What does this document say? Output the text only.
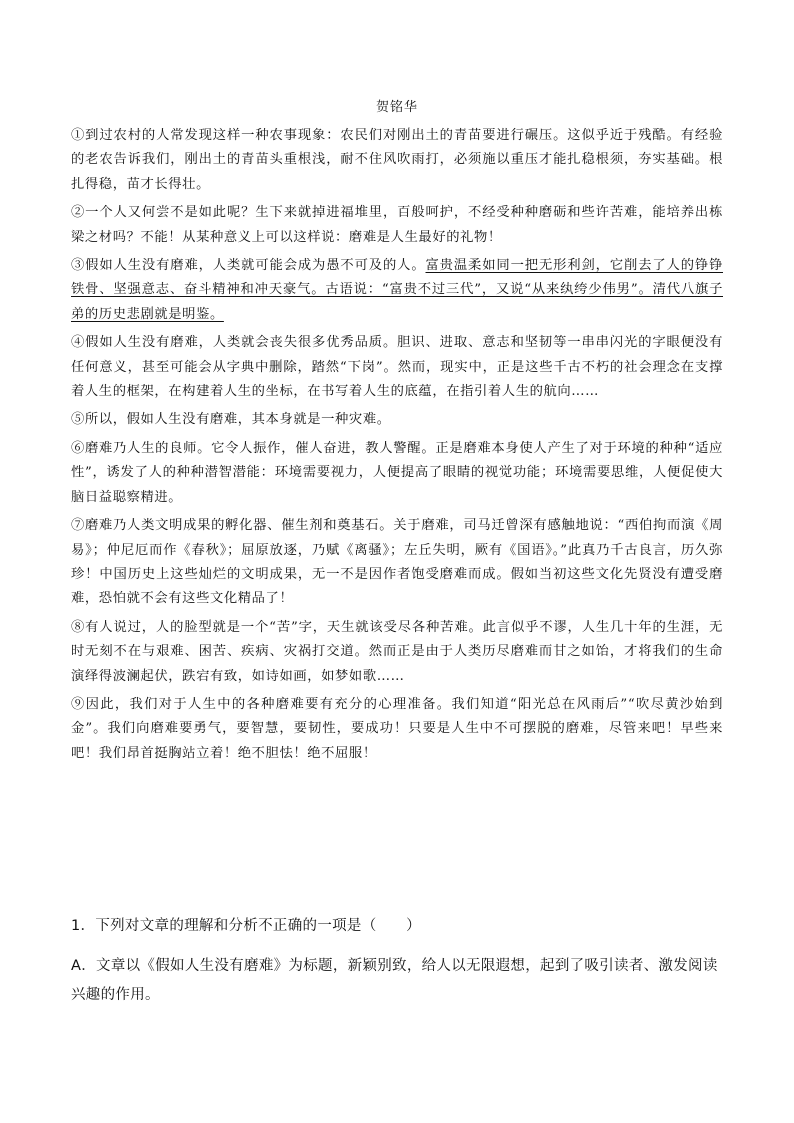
贺铭华

①到过农村的人常发现这样一种农事现象：农民们对刚出土的青苗要进行碾压。这似乎近于残酷。有经验的老农告诉我们，刚出土的青苗头重根浅，耐不住风吹雨打，必须施以重压才能扎稳根须，夯实基础。根扎得稳，苗才长得壮。

②一个人又何尝不是如此呢？生下来就掉进福堆里，百般呵护，不经受种种磨砺和些许苦难，能培养出栋梁之材吗？不能！从某种意义上可以这样说：磨难是人生最好的礼物！

③假如人生没有磨难，人类就可能会成为愚不可及的人。富贵温柔如同一把无形利剑，它削去了人的铮铮铁骨、坚强意志、奋斗精神和冲天豪气。古语说：“富贵不过三代”，又说“从来纨绔少伟男”。清代八旗子弟的历史悲剧就是明鉴。

④假如人生没有磨难，人类就会丧失很多优秀品质。胆识、进取、意志和坚韧等一串串闪光的字眼便没有任何意义，甚至可能会从字典中删除，踏然“下岗”。然而，现实中，正是这些千古不朽的社会理念在支撑着人生的框架，在构建着人生的坐标，在书写着人生的底蕴，在指引着人生的航向……

⑤所以，假如人生没有磨难，其本身就是一种灾难。

⑥磨难乃人生的良师。它令人振作，催人奋进，教人警醒。正是磨难本身使人产生了对于环境的种种“适应性”，诱发了人的种种潜智潜能：环境需要视力，人便提高了眼睛的视觉功能；环境需要思维，人便促使大脑日益聪察精进。

⑦磨难乃人类文明成果的孵化器、催生剂和奠基石。关于磨难，司马迁曾深有感触地说：“西伯拘而演《周易》；仲尼厄而作《春秋》；屈原放逐，乃赋《离骚》；左丘失明，厥有《国语》。”此真乃千古良言，历久弥珍！中国历史上这些灿烂的文明成果，无一不是因作者饱受磨难而成。假如当初这些文化先贤没有遭受磨难，恐怕就不会有这些文化精品了！

⑧有人说过，人的脸型就是一个“苦”字，天生就该受尽各种苦难。此言似乎不谬，人生几十年的生涯，无时无刻不在与艰难、困苦、疾病、灾祸打交道。然而正是由于人类历尽磨难而甘之如饴，才将我们的生命演绎得波澜起伏，跌宕有致，如诗如画，如梦如歌……

⑨因此，我们对于人生中的各种磨难要有充分的心理准备。我们知道“阳光总在风雨后”“吹尽黄沙始到金”。我们向磨难要勇气，要智慧，要韧性，要成功！只要是人生中不可摆脱的磨难，尽管来吧！早些来吧！我们昂首挺胸站立着！绝不胆怯！绝不屈服！

1．下列对文章的理解和分析不正确的一项是（　　）
A．文章以《假如人生没有磨难》为标题，新颖别致，给人以无限遐想，起到了吸引读者、激发阅读兴趣的作用。
